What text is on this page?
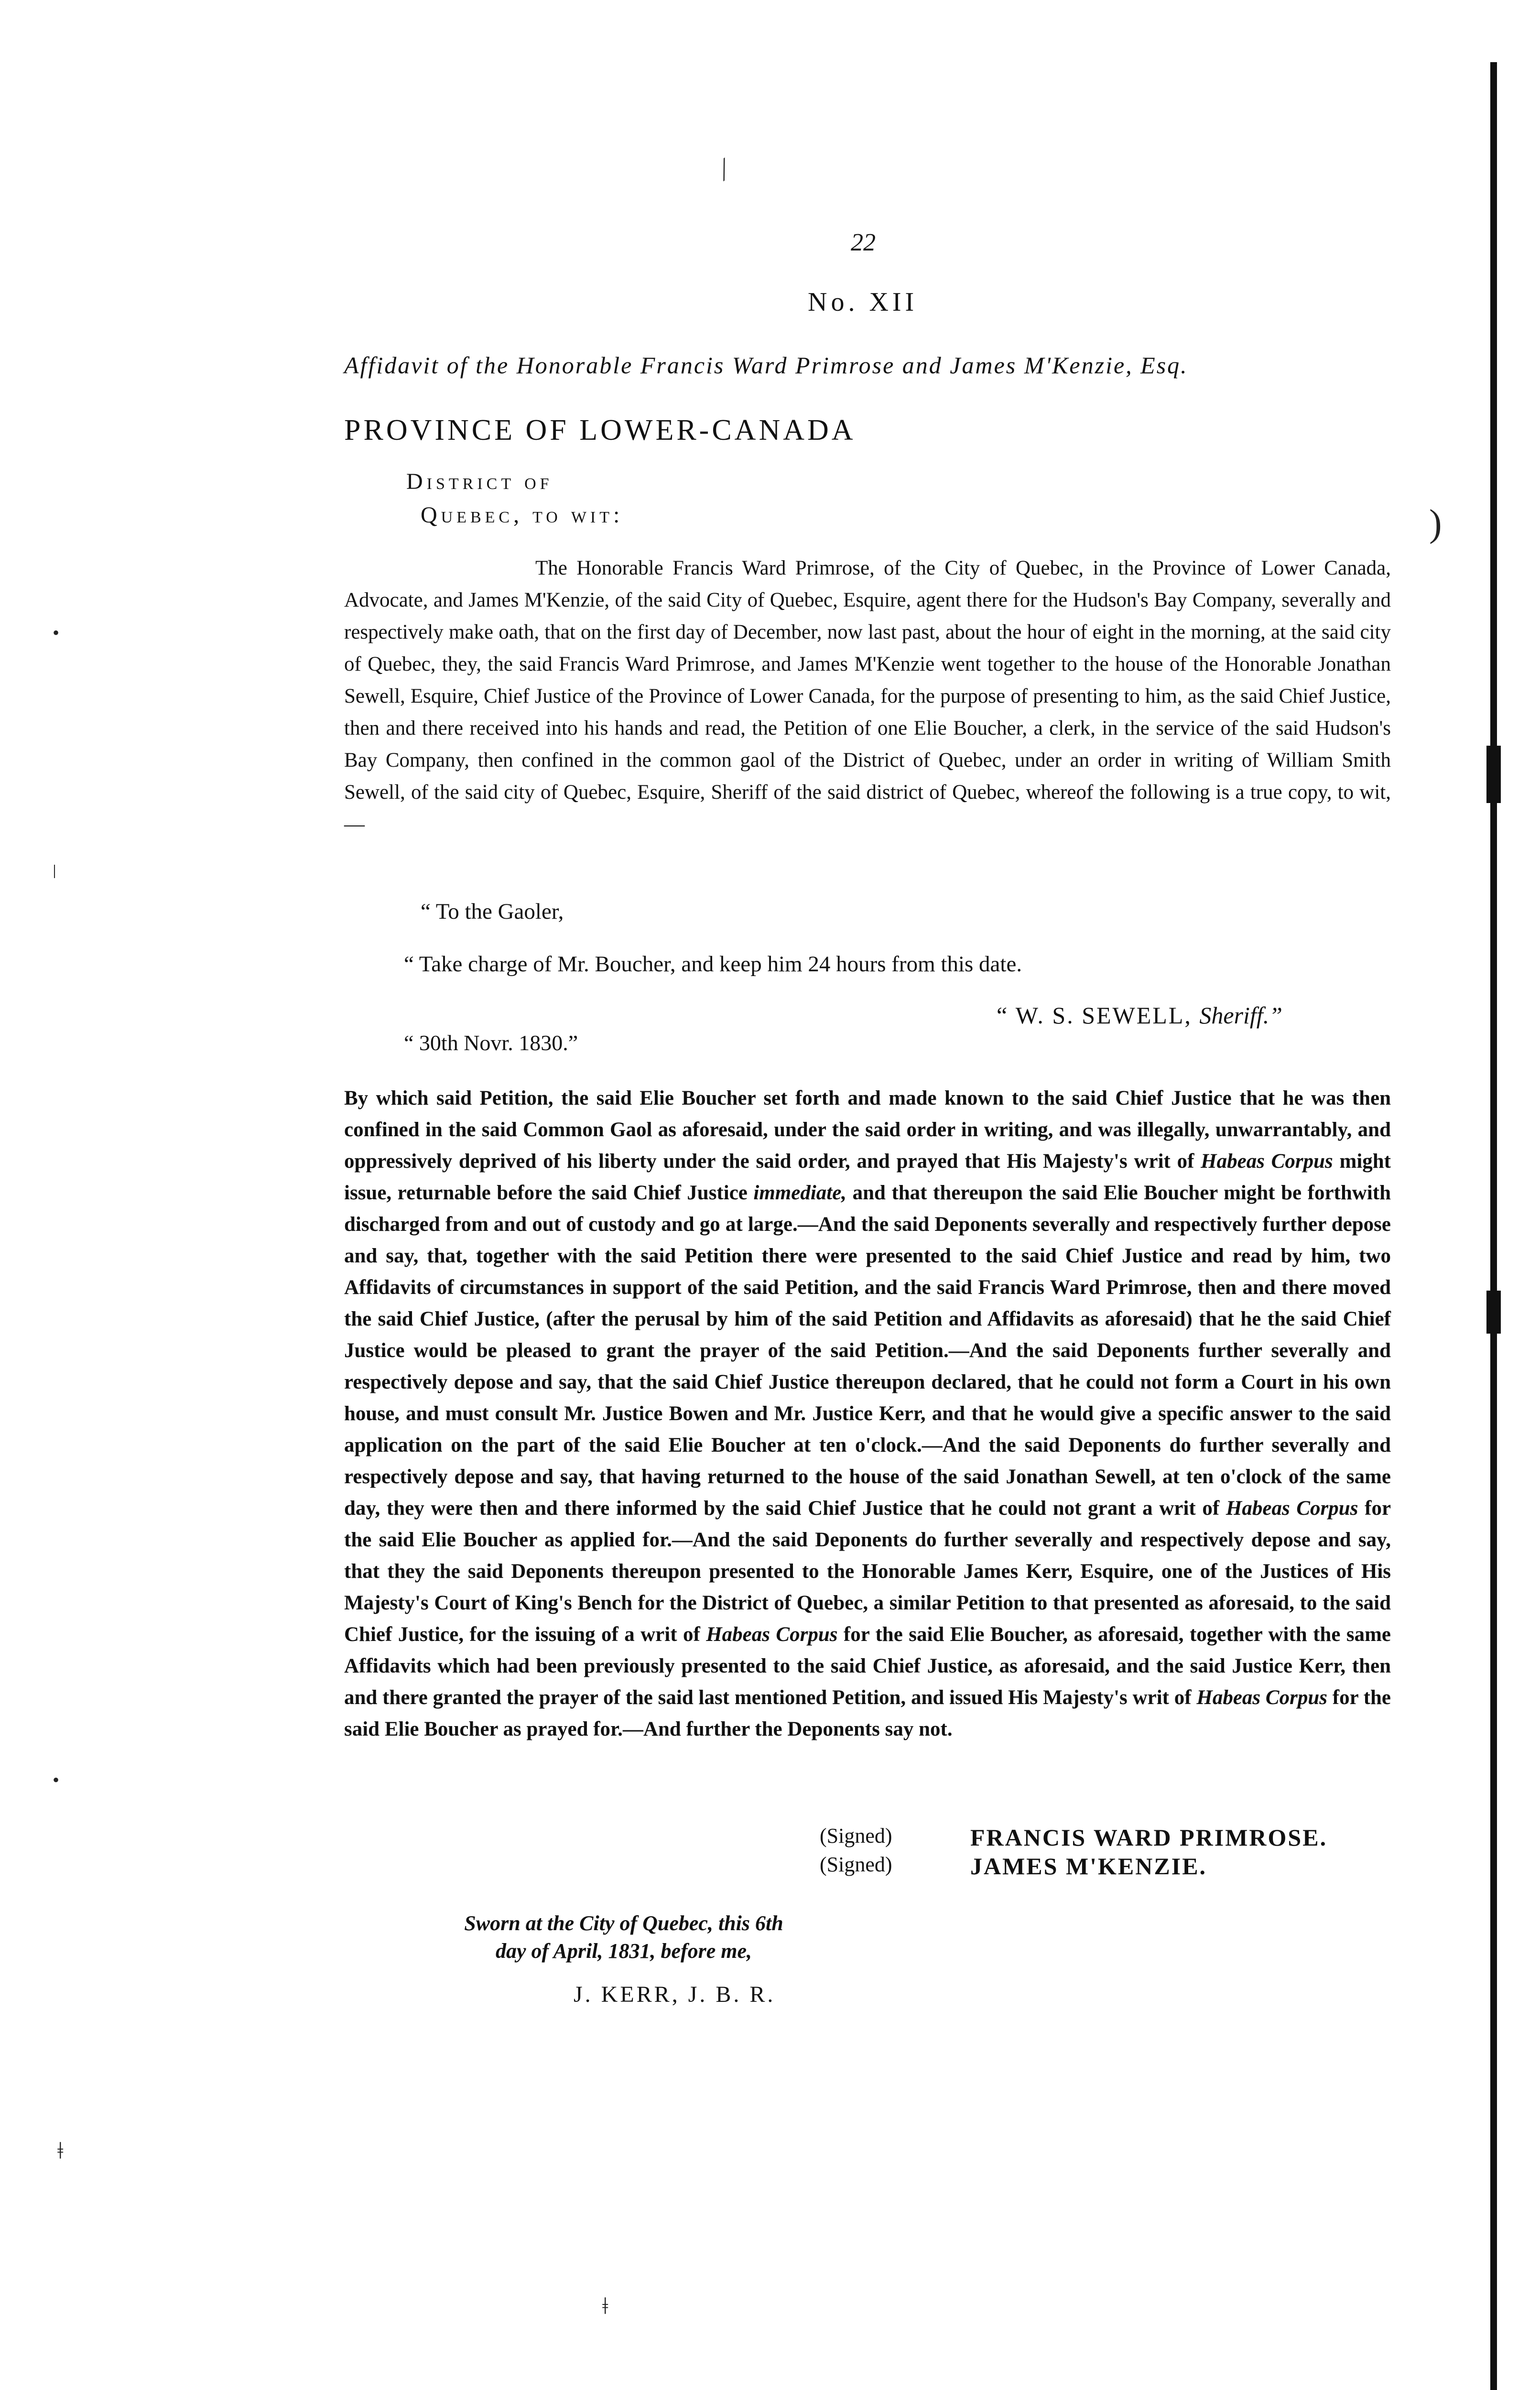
⁄
)
22
No. XII
Affidavit of the Honorable Francis Ward Primrose and James M'Kenzie, Esq.
PROVINCE OF LOWER-CANADA
District of
Quebec, to wit:
The Honorable Francis Ward Primrose, of the City of Quebec, in the Province of Lower Canada, Advocate, and James M'Kenzie, of the said City of Quebec, Esquire, agent there for the Hudson's Bay Company, severally and respectively make oath, that on the first day of December, now last past, about the hour of eight in the morning, at the said city of Quebec, they, the said Francis Ward Primrose, and James M'Kenzie went together to the house of the Honorable Jonathan Sewell, Esquire, Chief Justice of the Province of Lower Canada, for the purpose of presenting to him, as the said Chief Justice, then and there received into his hands and read, the Petition of one Elie Boucher, a clerk, in the service of the said Hudson's Bay Company, then confined in the common gaol of the District of Quebec, under an order in writing of William Smith Sewell, of the said city of Quebec, Esquire, Sheriff of the said district of Quebec, whereof the following is a true copy, to wit,—
“ To the Gaoler,
“ Take charge of Mr. Boucher, and keep him 24 hours from this date.
“ W. S. SEWELL, Sheriff.”
“ 30th Novr. 1830.”
By which said Petition, the said Elie Boucher set forth and made known to the said Chief Justice that he was then confined in the said Common Gaol as aforesaid, under the said order in writing, and was illegally, unwarrantably, and oppressively deprived of his liberty under the said order, and prayed that His Majesty's writ of Habeas Corpus might issue, returnable before the said Chief Justice immediate, and that thereupon the said Elie Boucher might be forthwith discharged from and out of custody and go at large.—And the said Deponents severally and respectively further depose and say, that, together with the said Petition there were presented to the said Chief Justice and read by him, two Affidavits of circumstances in support of the said Petition, and the said Francis Ward Primrose, then and there moved the said Chief Justice, (after the perusal by him of the said Petition and Affidavits as aforesaid) that he the said Chief Justice would be pleased to grant the prayer of the said Petition.—And the said Deponents further severally and respectively depose and say, that the said Chief Justice thereupon declared, that he could not form a Court in his own house, and must consult Mr. Justice Bowen and Mr. Justice Kerr, and that he would give a specific answer to the said application on the part of the said Elie Boucher at ten o'clock.—And the said Deponents do further severally and respectively depose and say, that having returned to the house of the said Jonathan Sewell, at ten o'clock of the same day, they were then and there informed by the said Chief Justice that he could not grant a writ of Habeas Corpus for the said Elie Boucher as applied for.—And the said Deponents do further severally and respectively depose and say, that they the said Deponents thereupon presented to the Honorable James Kerr, Esquire, one of the Justices of His Majesty's Court of King's Bench for the District of Quebec, a similar Petition to that presented as aforesaid, to the said Chief Justice, for the issuing of a writ of Habeas Corpus for the said Elie Boucher, as aforesaid, together with the same Affidavits which had been previously presented to the said Chief Justice, as aforesaid, and the said Justice Kerr, then and there granted the prayer of the said last mentioned Petition, and issued His Majesty's writ of Habeas Corpus for the said Elie Boucher as prayed for.—And further the Deponents say not.
(Signed)	FRANCIS WARD PRIMROSE.
(Signed)	JAMES M'KENZIE.
Sworn at the City of Quebec, this 6th
day of April, 1831, before me,
J. KERR, J. B. R.
•
ǀ
•
ǂ
ǂ
